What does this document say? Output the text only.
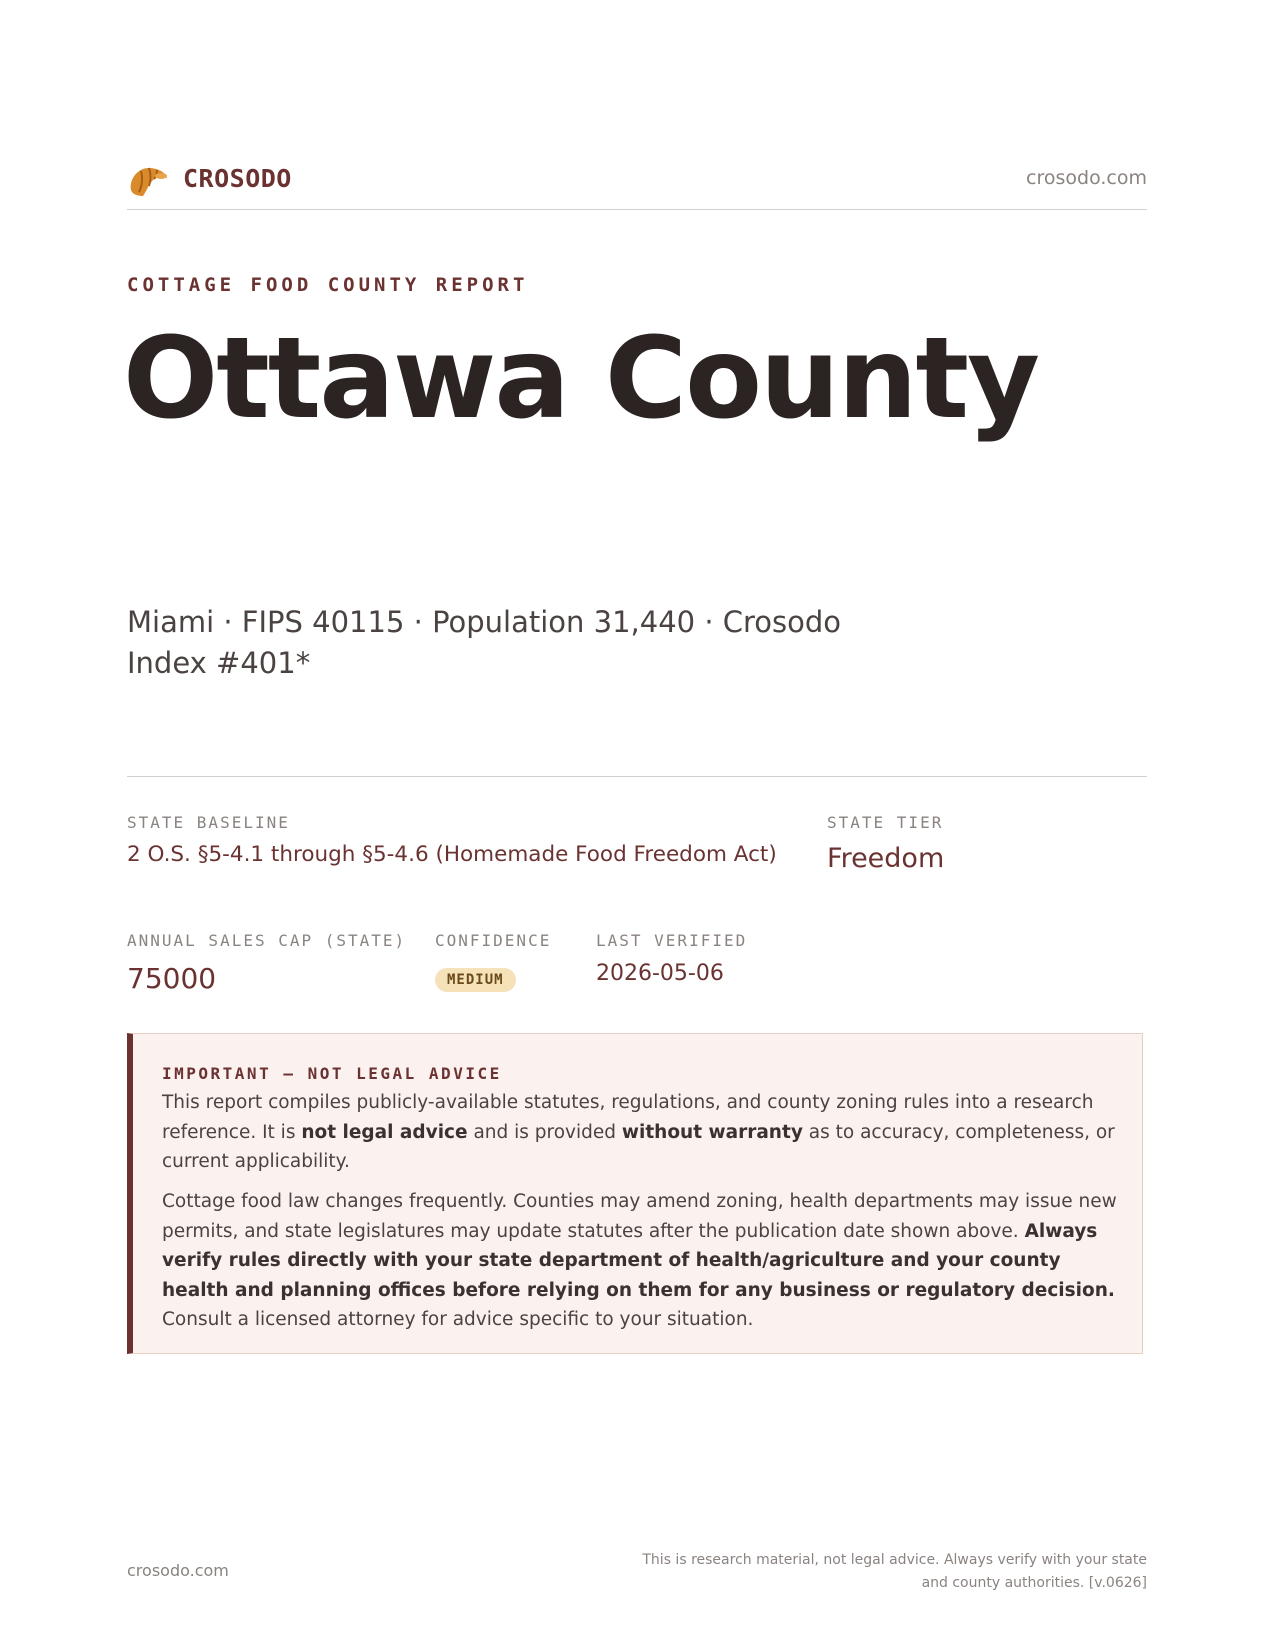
CROSODO	crosodo.com
COTTAGE FOOD COUNTY REPORT
Ottawa County
Miami · FIPS 40115 · Population 31,440 · Crosodo Index #401*
STATE BASELINE
2 O.S. §5-4.1 through §5-4.6 (Homemade Food Freedom Act)
STATE TIER
Freedom
ANNUAL SALES CAP (STATE)
75000
CONFIDENCE
MEDIUM
LAST VERIFIED
2026-05-06
IMPORTANT — NOT LEGAL ADVICE

This report compiles publicly-available statutes, regulations, and county zoning rules into a research reference. It is not legal advice and is provided without warranty as to accuracy, completeness, or current applicability.

Cottage food law changes frequently. Counties may amend zoning, health departments may issue new permits, and state legislatures may update statutes after the publication date shown above. Always verify rules directly with your state department of health/agriculture and your county health and planning offices before relying on them for any business or regulatory decision. Consult a licensed attorney for advice specific to your situation.

crosodo.com
This is research material, not legal advice. Always verify with your state
and county authorities. [v.0626]
